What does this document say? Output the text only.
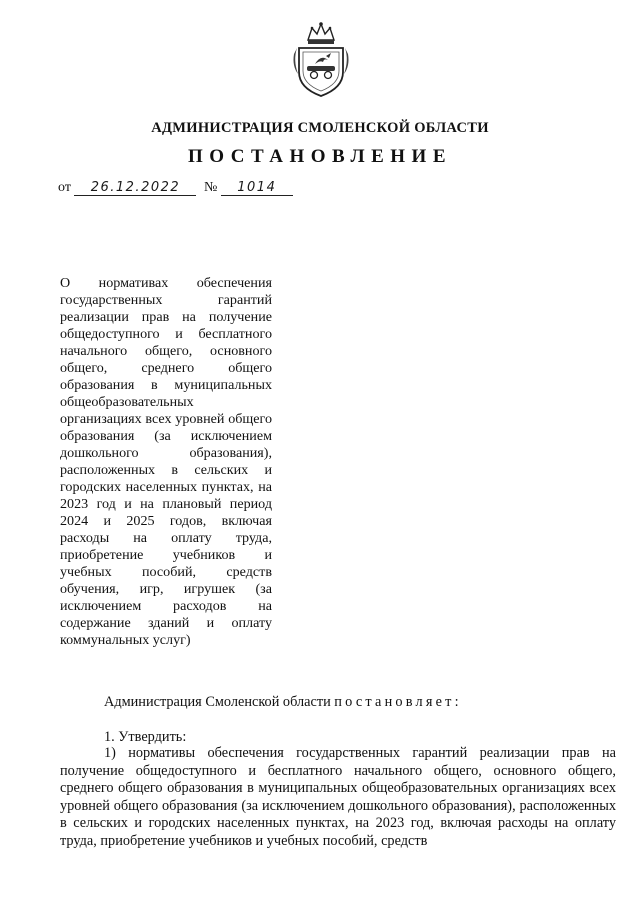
АДМИНИСТРАЦИЯ СМОЛЕНСКОЙ ОБЛАСТИ
ПОСТАНОВЛЕНИЕ
от 26.12.2022 № 1014
О нормативах обеспечения государственных гарантий реализации прав на получение общедоступного и бесплатного начального общего, основного общего, среднего общего образования в муниципальных общеобразовательных организациях всех уровней общего образования (за исключением дошкольного образования), расположенных в сельских и городских населенных пунктах, на 2023 год и на плановый период 2024 и 2025 годов, включая расходы на оплату труда, приобретение учебников и учебных пособий, средств обучения, игр, игрушек (за исключением расходов на содержание зданий и оплату коммунальных услуг)
Администрация Смоленской области постановляет:
1. Утвердить:
1) нормативы обеспечения государственных гарантий реализации прав на получение общедоступного и бесплатного начального общего, основного общего, среднего общего образования в муниципальных общеобразовательных организациях всех уровней общего образования (за исключением дошкольного образования), расположенных в сельских и городских населенных пунктах, на 2023 год, включая расходы на оплату труда, приобретение учебников и учебных пособий, средств
